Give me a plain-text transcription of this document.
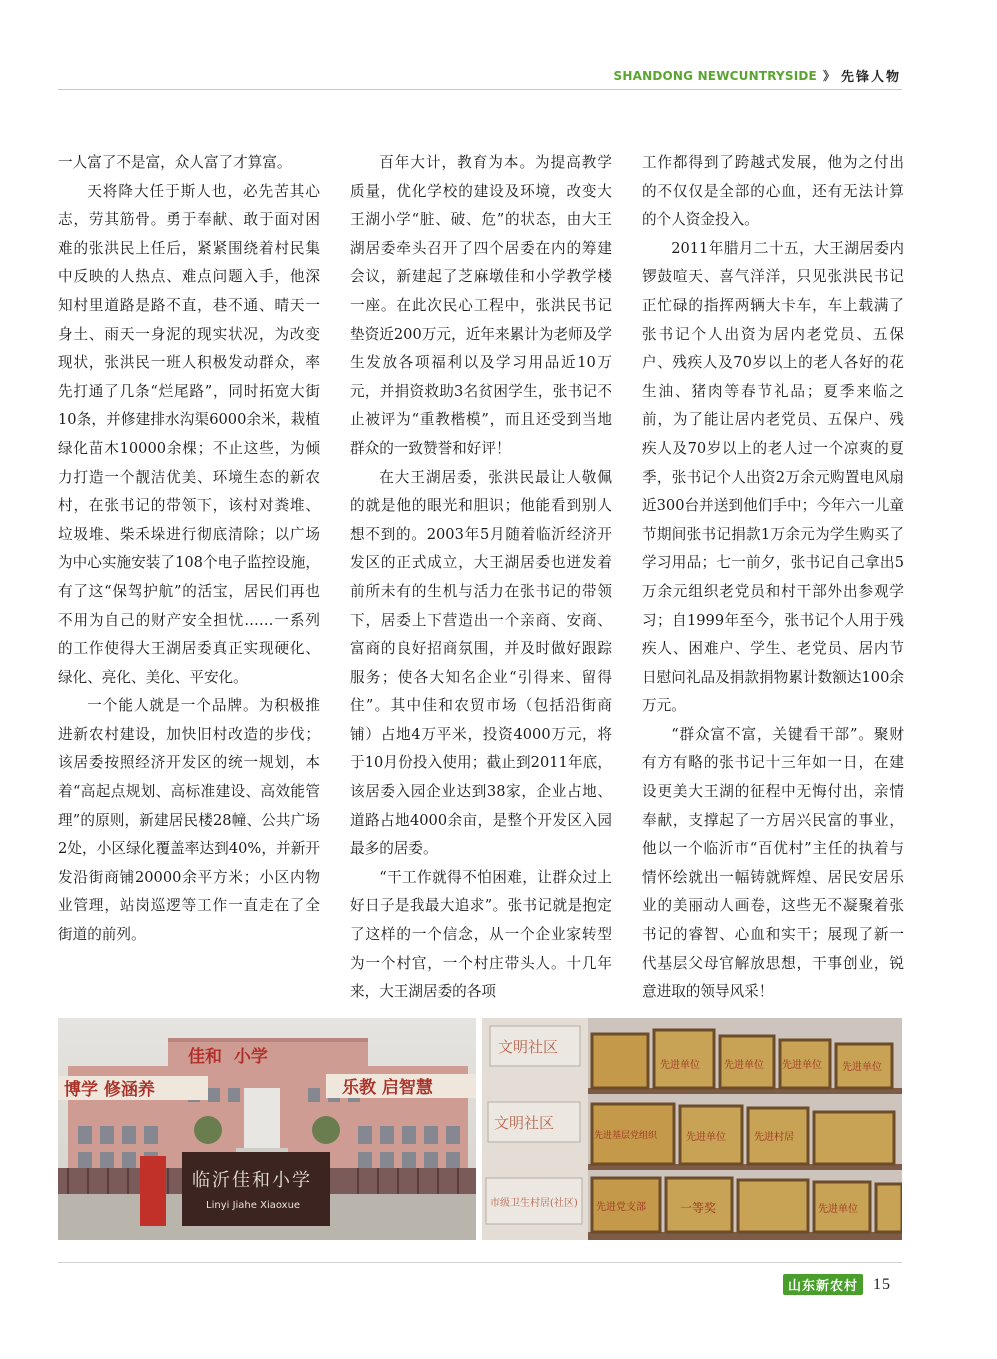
SHANDONG NEWCUNTRYSIDE 》 先锋人物

一人富了不是富，众人富了才算富。

天将降大任于斯人也，必先苦其心志，劳其筋骨。勇于奉献、敢于面对困难的张洪民上任后，紧紧围绕着村民集中反映的人热点、难点问题入手，他深知村里道路是路不直，巷不通、晴天一身土、雨天一身泥的现实状况，为改变现状，张洪民一班人积极发动群众，率先打通了几条“烂尾路”，同时拓宽大街10条，并修建排水沟渠6000余米，栽植绿化苗木10000余棵；不止这些，为倾力打造一个靓洁优美、环境生态的新农村，在张书记的带领下，该村对粪堆、垃圾堆、柴禾垛进行彻底清除；以广场为中心实施安装了108个电子监控设施，有了这“保驾护航”的活宝，居民们再也不用为自己的财产安全担忧……一系列的工作使得大王湖居委真正实现硬化、绿化、亮化、美化、平安化。

一个能人就是一个品牌。为积极推进新农村建设，加快旧村改造的步伐；该居委按照经济开发区的统一规划，本着“高起点规划、高标准建设、高效能管理”的原则，新建居民楼28幢、公共广场2处，小区绿化覆盖率达到40%，并新开发沿街商铺20000余平方米；小区内物业管理，站岗巡逻等工作一直走在了全街道的前列。

百年大计，教育为本。为提高教学质量，优化学校的建设及环境，改变大王湖小学“脏、破、危”的状态，由大王湖居委牵头召开了四个居委在内的筹建会议，新建起了芝麻墩佳和小学教学楼一座。在此次民心工程中，张洪民书记垫资近200万元，近年来累计为老师及学生发放各项福利以及学习用品近10万元，并捐资救助3名贫困学生，张书记不止被评为“重教楷模”，而且还受到当地群众的一致赞誉和好评！

在大王湖居委，张洪民最让人敬佩的就是他的眼光和胆识；他能看到别人想不到的。2003年5月随着临沂经济开发区的正式成立，大王湖居委也迸发着前所未有的生机与活力在张书记的带领下，居委上下营造出一个亲商、安商、富商的良好招商氛围，并及时做好跟踪服务；使各大知名企业“引得来、留得住”。其中佳和农贸市场（包括沿街商铺）占地4万平米，投资4000万元，将于10月份投入使用；截止到2011年底，该居委入园企业达到38家，企业占地、道路占地4000余亩，是整个开发区入园最多的居委。

“干工作就得不怕困难，让群众过上好日子是我最大追求”。张书记就是抱定了这样的一个信念，从一个企业家转型为一个村官，一个村庄带头人。十几年来，大王湖居委的各项

工作都得到了跨越式发展，他为之付出的不仅仅是全部的心血，还有无法计算的个人资金投入。

2011年腊月二十五，大王湖居委内锣鼓喧天、喜气洋洋，只见张洪民书记正忙碌的指挥两辆大卡车，车上载满了张书记个人出资为居内老党员、五保户、残疾人及70岁以上的老人各好的花生油、猪肉等春节礼品；夏季来临之前，为了能让居内老党员、五保户、残疾人及70岁以上的老人过一个凉爽的夏季，张书记个人出资2万余元购置电风扇近300台并送到他们手中；今年六一儿童节期间张书记捐款1万余元为学生购买了学习用品；七一前夕，张书记自己拿出5万余元组织老党员和村干部外出参观学习；自1999年至今，张书记个人用于残疾人、困难户、学生、老党员、居内节日慰问礼品及捐款捐物累计数额达100余万元。

“群众富不富，关键看干部”。聚财有方有略的张书记十三年如一日，在建设更美大王湖的征程中无悔付出，亲情奉献，支撑起了一方居兴民富的事业，他以一个临沂市“百优村”主任的执着与情怀绘就出一幅铸就辉煌、居民安居乐业的美丽动人画卷，这些无不凝聚着张书记的睿智、心血和实干；展现了新一代基层父母官解放思想，干事创业，锐意进取的领导风采！

博学 修涵养	乐教 启智慧
佳和  小学
临沂佳和小学
Linyi Jiahe Xiaoxue
文明社区
文明社区
市级卫生村居(社区)
先进单位 先进单位 先进单位 先进单位
先进基层党组织	先进单位	先进村居
先进党支部	一等奖	先进单位
山东新农村 15
